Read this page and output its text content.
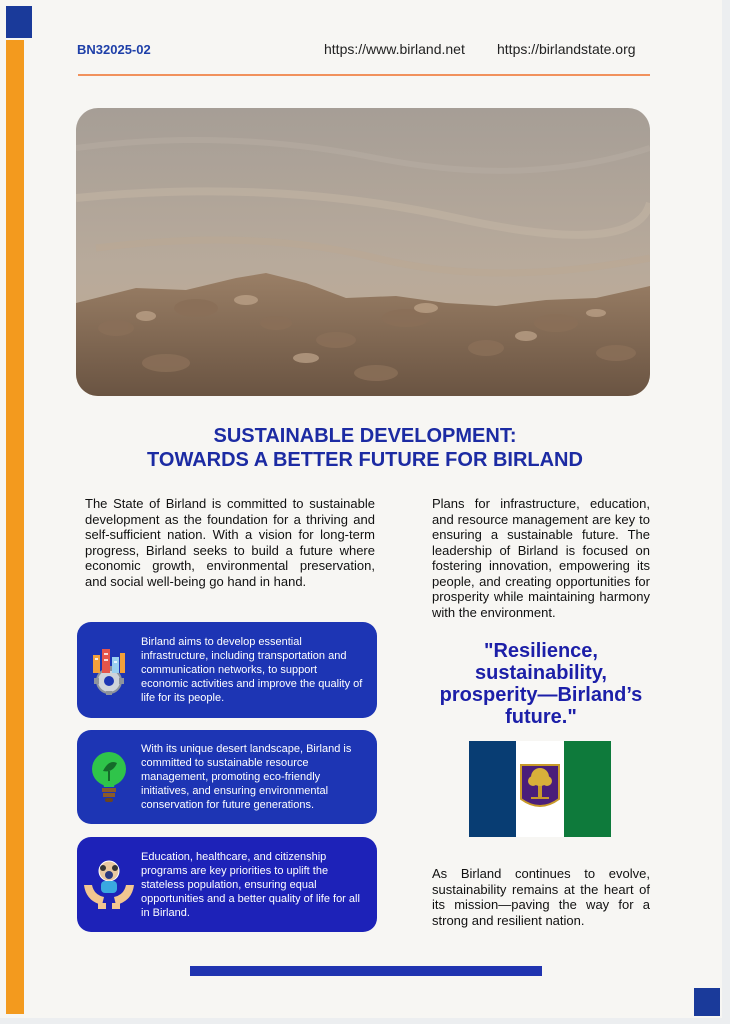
BN32025-02	https://www.birland.net https://birlandstate.org
SUSTAINABLE DEVELOPMENT:
TOWARDS A BETTER FUTURE FOR BIRLAND
The State of Birland is committed to sustainable development as the foundation for a thriving and self-sufficient nation. With a vision for long-term progress, Birland seeks to build a future where economic growth, environmental preservation, and social well-being go hand in hand.
Plans for infrastructure, education, and resource management are key to ensuring a sustainable future. The leadership of Birland is focused on fostering innovation, empowering its people, and creating opportunities for prosperity while maintaining harmony with the environment.
Birland aims to develop essential infrastructure, including transportation and communication networks, to support economic activities and improve the quality of life for its people.
With its unique desert landscape, Birland is committed to sustainable resource management, promoting eco-friendly initiatives, and ensuring environmental conservation for future generations.
Education, healthcare, and citizenship programs are key priorities to uplift the stateless population, ensuring equal opportunities and a better quality of life for all in Birland.
"Resilience, sustainability, prosperity—Birland’s future."
As Birland continues to evolve, sustainability remains at the heart of its mission—paving the way for a strong and resilient nation.
